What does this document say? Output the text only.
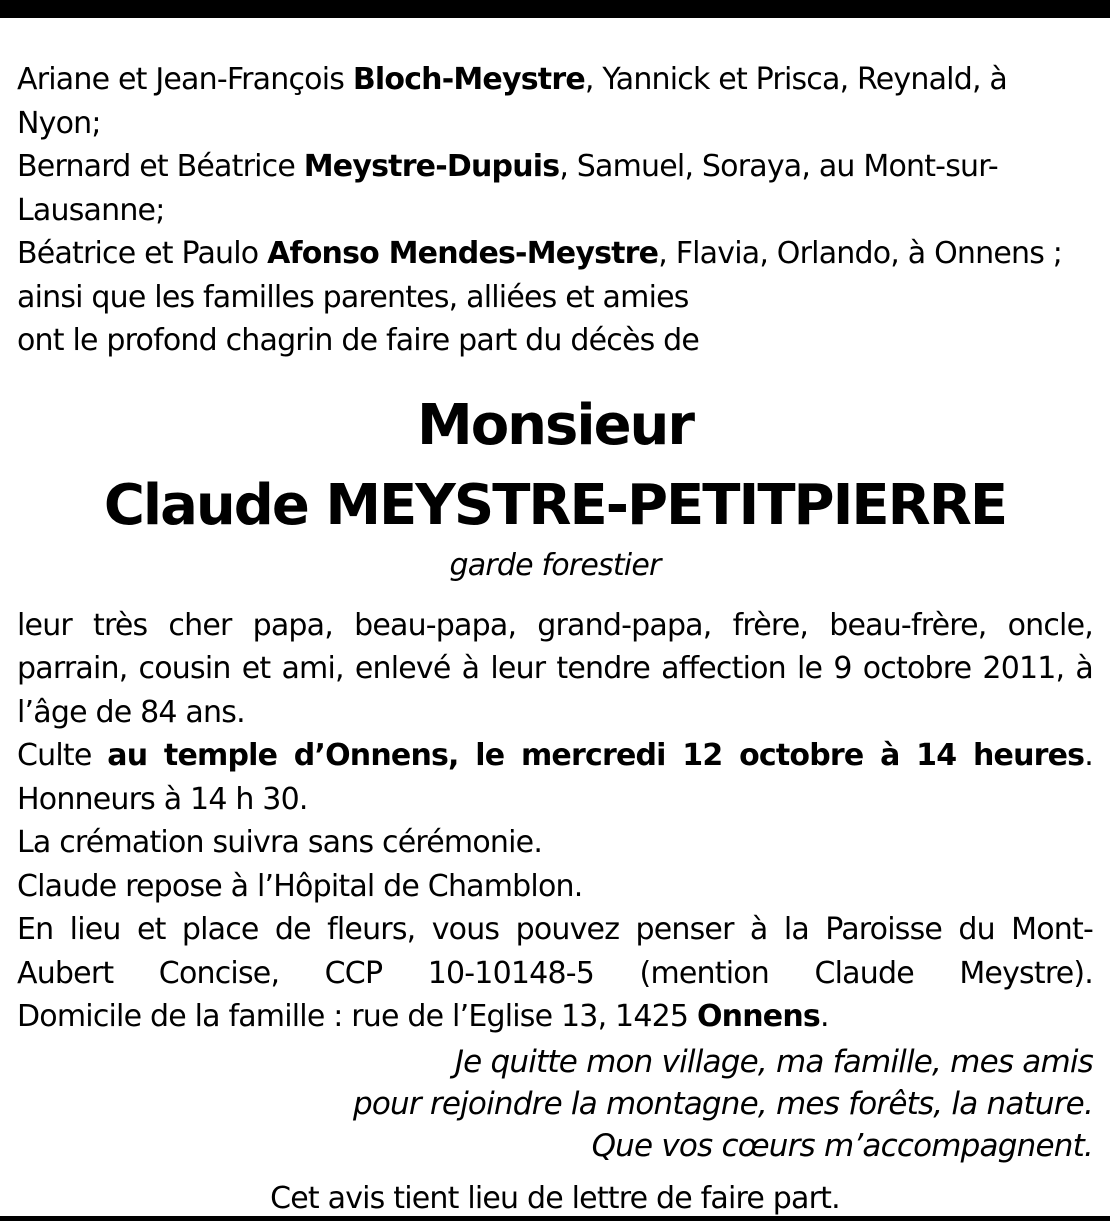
Ariane et Jean-François Bloch-Meystre, Yannick et Prisca, Reynald, à Nyon;

Bernard et Béatrice Meystre-Dupuis, Samuel, Soraya, au Mont-sur-Lausanne;

Béatrice et Paulo Afonso Mendes-Meystre, Flavia, Orlando, à Onnens ;

ainsi que les familles parentes, alliées et amies

ont le profond chagrin de faire part du décès de

Monsieur

Claude MEYSTRE-PETITPIERRE

garde forestier

leur très cher papa, beau-papa, grand-papa, frère, beau-frère, oncle, parrain, cousin et ami, enlevé à leur tendre affection le 9 octobre 2011, à l’âge de 84 ans.

Culte au temple d’Onnens, le mercredi 12 octobre à 14 heures.

Honneurs à 14 h 30.

La crémation suivra sans cérémonie.

Claude repose à l’Hôpital de Chamblon.

En lieu et place de fleurs, vous pouvez penser à la Paroisse du Mont-

Aubert Concise, CCP 10-10148-5 (mention Claude Meystre).

Domicile de la famille : rue de l’Eglise 13, 1425 Onnens.

Je quitte mon village, ma famille, mes amis
pour rejoindre la montagne, mes forêts, la nature.
Que vos cœurs m’accompagnent.

Cet avis tient lieu de lettre de faire part.
